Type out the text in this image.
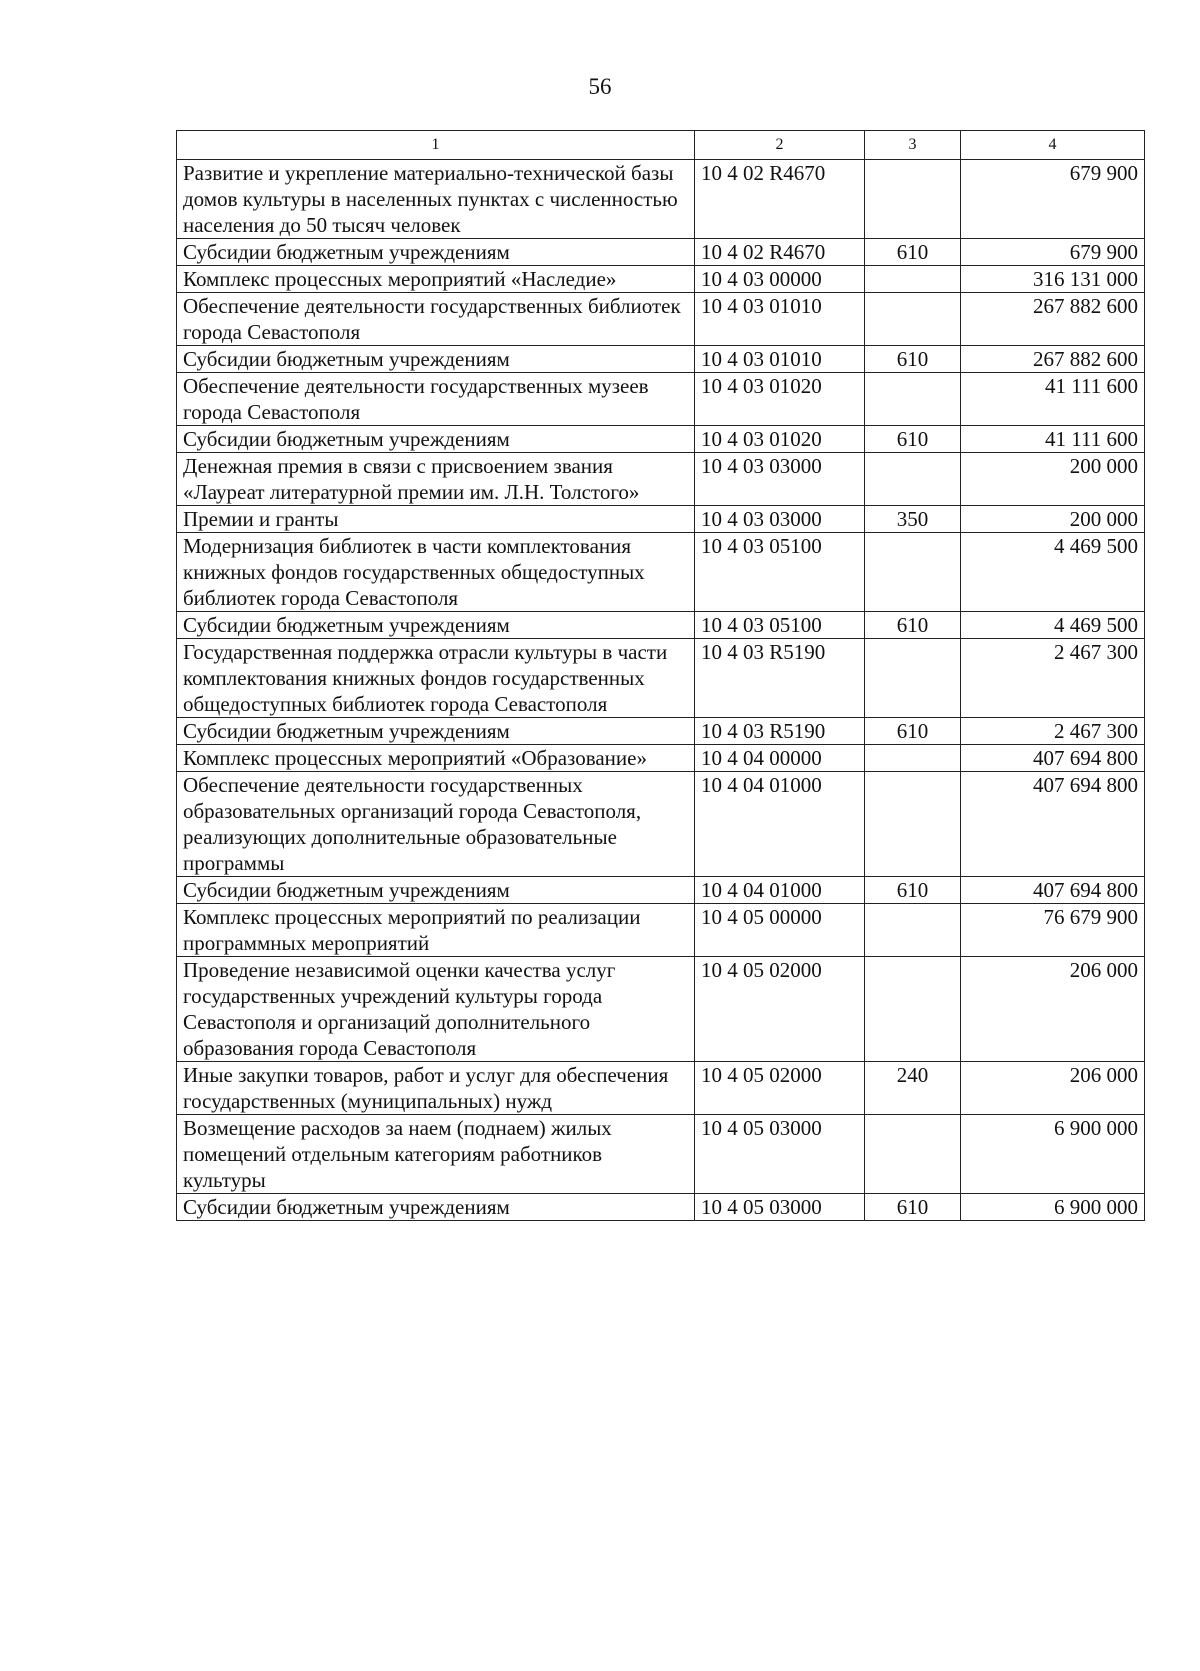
56
1	2	3	4
Развитие и укрепление материально-технической базы домов культуры в населенных пунктах с численностью населения до 50 тысяч человек	10 4 02 R4670		679 900
Субсидии бюджетным учреждениям	10 4 02 R4670	610	679 900
Комплекс процессных мероприятий «Наследие»	10 4 03 00000		316 131 000
Обеспечение деятельности государственных библиотек города Севастополя	10 4 03 01010		267 882 600
Субсидии бюджетным учреждениям	10 4 03 01010	610	267 882 600
Обеспечение деятельности государственных музеев города Севастополя	10 4 03 01020		41 111 600
Субсидии бюджетным учреждениям	10 4 03 01020	610	41 111 600
Денежная премия в связи с присвоением звания «Лауреат литературной премии им. Л.Н. Толстого»	10 4 03 03000		200 000
Премии и гранты	10 4 03 03000	350	200 000
Модернизация библиотек в части комплектования книжных фондов государственных общедоступных библиотек города Севастополя	10 4 03 05100		4 469 500
Субсидии бюджетным учреждениям	10 4 03 05100	610	4 469 500
Государственная поддержка отрасли культуры в части комплектования книжных фондов государственных общедоступных библиотек города Севастополя	10 4 03 R5190		2 467 300
Субсидии бюджетным учреждениям	10 4 03 R5190	610	2 467 300
Комплекс процессных мероприятий «Образование»	10 4 04 00000		407 694 800
Обеспечение деятельности государственных образовательных организаций города Севастополя, реализующих дополнительные образовательные программы	10 4 04 01000		407 694 800
Субсидии бюджетным учреждениям	10 4 04 01000	610	407 694 800
Комплекс процессных мероприятий по реализации программных мероприятий	10 4 05 00000		76 679 900
Проведение независимой оценки качества услуг государственных учреждений культуры города Севастополя и организаций дополнительного образования города Севастополя	10 4 05 02000		206 000
Иные закупки товаров, работ и услуг для обеспечения государственных (муниципальных) нужд	10 4 05 02000	240	206 000
Возмещение расходов за наем (поднаем) жилых помещений отдельным категориям работников культуры	10 4 05 03000		6 900 000
Субсидии бюджетным учреждениям	10 4 05 03000	610	6 900 000
